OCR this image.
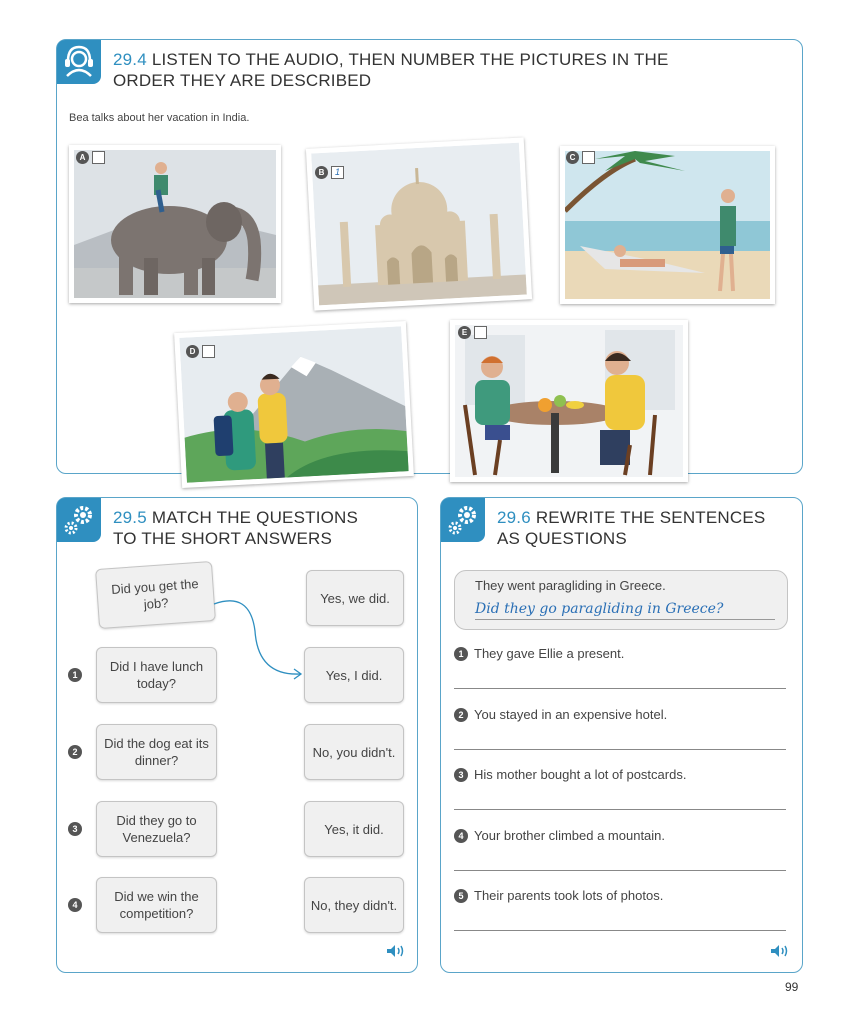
29.4 LISTEN TO THE AUDIO, THEN NUMBER THE PICTURES IN THE
ORDER THEY ARE DESCRIBED
Bea talks about her vacation in India.
A
B	1
C
D
E
29.5 MATCH THE QUESTIONS
TO THE SHORT ANSWERS
Did you get the job?	Yes, we did.
1
Did I have lunch today?
Yes, I did.
2
Did the dog eat its dinner?
No, you didn't.
3
Did they go to Venezuela?
Yes, it did.
4
Did we win the competition?
No, they didn't.
29.6 REWRITE THE SENTENCES
AS QUESTIONS
They went paragliding in Greece.
Did they go paragliding in Greece?
1 They gave Ellie a present.
2 You stayed in an expensive hotel.
3 His mother bought a lot of postcards.
4 Your brother climbed a mountain.
5 Their parents took lots of photos.
99
